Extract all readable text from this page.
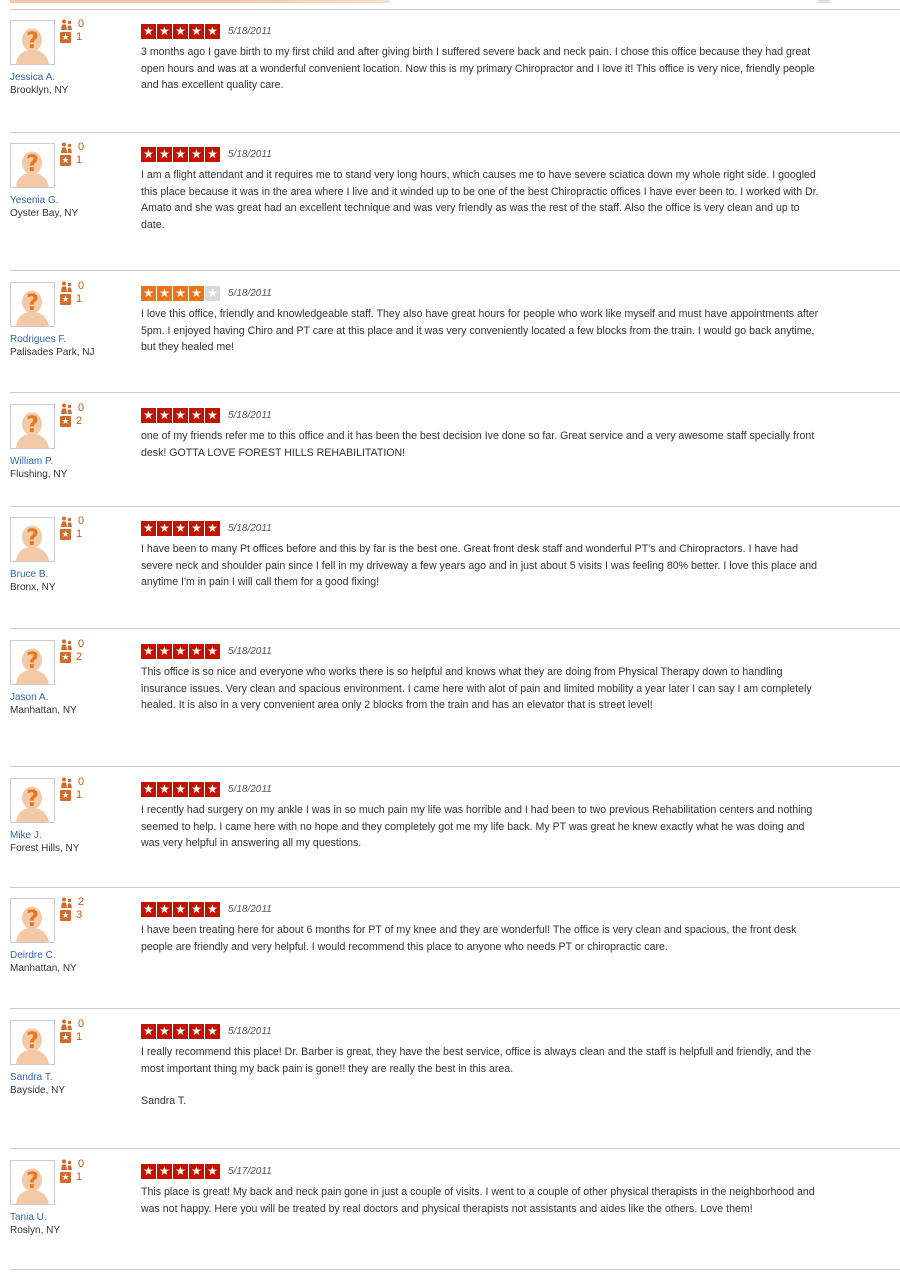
?
0
★
1
Jessica A.
Brooklyn, NY
★
★
★
★
★
5/18/2011

3 months ago I gave birth to my first child and after giving birth I suffered severe back and neck pain. I chose this office because they had great open hours and was at a wonderful convenient location. Now this is my primary Chiropractor and I love it! This office is very nice, friendly people and has excellent quality care.

?
0
★
1
Yesenia G.
Oyster Bay, NY
★
★
★
★
★
5/18/2011

I am a flight attendant and it requires me to stand very long hours, which causes me to have severe sciatica down my whole right side. I googled this place because it was in the area where I live and it winded up to be one of the best Chiropractic offices I have ever been to. I worked with Dr. Amato and she was great had an excellent technique and was very friendly as was the rest of the staff. Also the office is very clean and up to date.

?
0
★
1
Rodrigues F.
Palisades Park, NJ
★
★
★
★
★
5/18/2011

I love this office, friendly and knowledgeable staff. They also have great hours for people who work like myself and must have appointments after 5pm. I enjoyed having Chiro and PT care at this place and it was very conveniently located a few blocks from the train. I would go back anytime, but they healed me!

?
0
★
2
William P.
Flushing, NY
★
★
★
★
★
5/18/2011

one of my friends refer me to this office and it has been the best decision Ive done so far. Great service and a very awesome staff specially front desk! GOTTA LOVE FOREST HILLS REHABILITATION!

?
0
★
1
Bruce B.
Bronx, NY
★
★
★
★
★
5/18/2011

I have been to many Pt offices before and this by far is the best one. Great front desk staff and wonderful PT's and Chiropractors. I have had severe neck and shoulder pain since I fell in my driveway a few years ago and in just about 5 visits I was feeling 80% better. I love this place and anytime I'm in pain I will call them for a good fixing!

?
0
★
2
Jason A.
Manhattan, NY
★
★
★
★
★
5/18/2011

This office is so nice and everyone who works there is so helpful and knows what they are doing from Physical Therapy down to handling insurance issues. Very clean and spacious environment. I came here with alot of pain and limited mobility a year later I can say I am completely healed. It is also in a very convenient area only 2 blocks from the train and has an elevator that is street level!

?
0
★
1
Mike J.
Forest Hills, NY
★
★
★
★
★
5/18/2011

I recently had surgery on my ankle I was in so much pain my life was horrible and I had been to two previous Rehabilitation centers and nothing seemed to help. I came here with no hope and they completely got me my life back. My PT was great he knew exactly what he was doing and was very helpful in answering all my questions.

?
2
★
3
Deirdre C.
Manhattan, NY
★
★
★
★
★
5/18/2011

I have been treating here for about 6 months for PT of my knee and they are wonderful! The office is very clean and spacious, the front desk people are friendly and very helpful. I would recommend this place to anyone who needs PT or chiropractic care.

?
0
★
1
Sandra T.
Bayside, NY
★
★
★
★
★
5/18/2011

I really recommend this place! Dr. Barber is great, they have the best service, office is always clean and the staff is helpfull and friendly, and the most important thing my back pain is gone!! they are really the best in this area.

Sandra T.

?
0
★
1
Tania U.
Roslyn, NY
★
★
★
★
★
5/17/2011

This place is great! My back and neck pain gone in just a couple of visits. I went to a couple of other physical therapists in the neighborhood and was not happy. Here you will be treated by real doctors and physical therapists not assistants and aides like the others. Love them!
